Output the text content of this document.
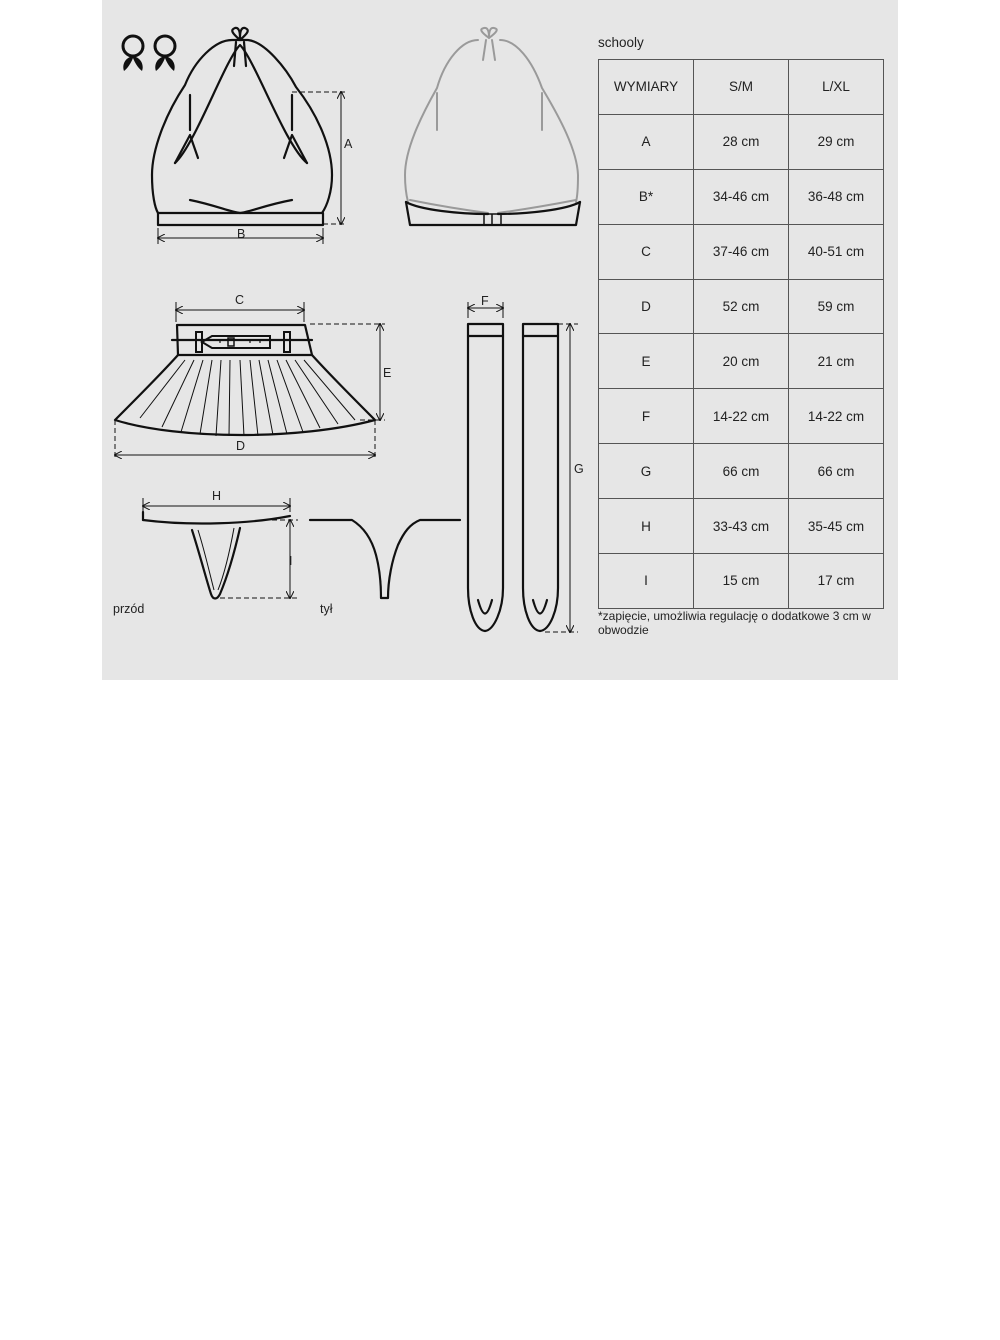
A
B
C
E
D
H
I
F
G
przód	tył
schooly
WYMIARY	S/M	L/XL
A	28 cm	29 cm
B*	34-46 cm	36-48 cm
C	37-46 cm	40-51 cm
D	52 cm	59 cm
E	20 cm	21 cm
F	14-22 cm	14-22 cm
G	66 cm	66 cm
H	33-43 cm	35-45 cm
I	15 cm	17 cm
*zapięcie, umożliwia regulację o dodatkowe 3 cm w obwodzie
